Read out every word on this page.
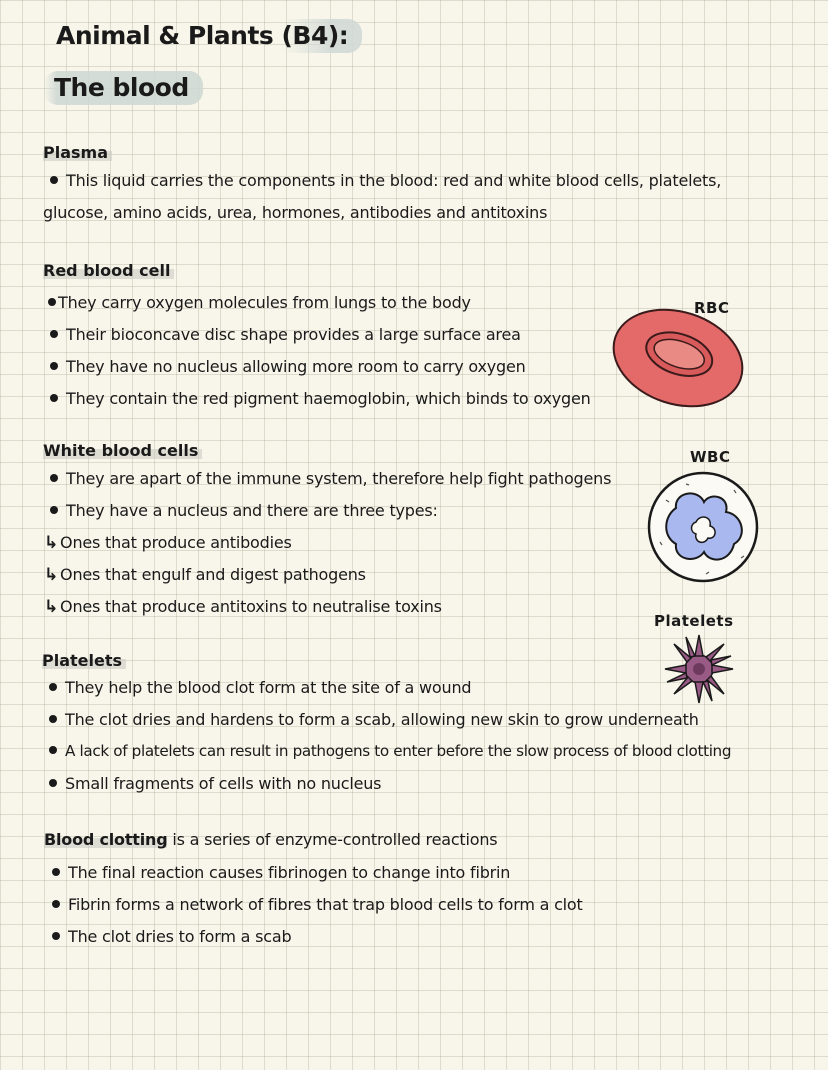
Animal & Plants (B4):
The blood
Plasma
This liquid carries the components in the blood: red and white blood cells, platelets,
glucose, amino acids, urea, hormones, antibodies and antitoxins
Red blood cell
They carry oxygen molecules from lungs to the body
Their bioconcave disc shape provides a large surface area
They have no nucleus allowing more room to carry oxygen
They contain the red pigment haemoglobin, which binds to oxygen
RBC
White blood cells
They are apart of the immune system, therefore help fight pathogens
They have a nucleus and there are three types:
↳ Ones that produce antibodies
↳ Ones that engulf and digest pathogens
↳ Ones that produce antitoxins to neutralise toxins
WBC
Platelets
Platelets
They help the blood clot form at the site of a wound
The clot dries and hardens to form a scab, allowing new skin to grow underneath
A lack of platelets can result in pathogens to enter before the slow process of blood clotting
Small fragments of cells with no nucleus
Blood clotting is a series of enzyme-controlled reactions
The final reaction causes fibrinogen to change into fibrin
Fibrin forms a network of fibres that trap blood cells to form a clot
The clot dries to form a scab
